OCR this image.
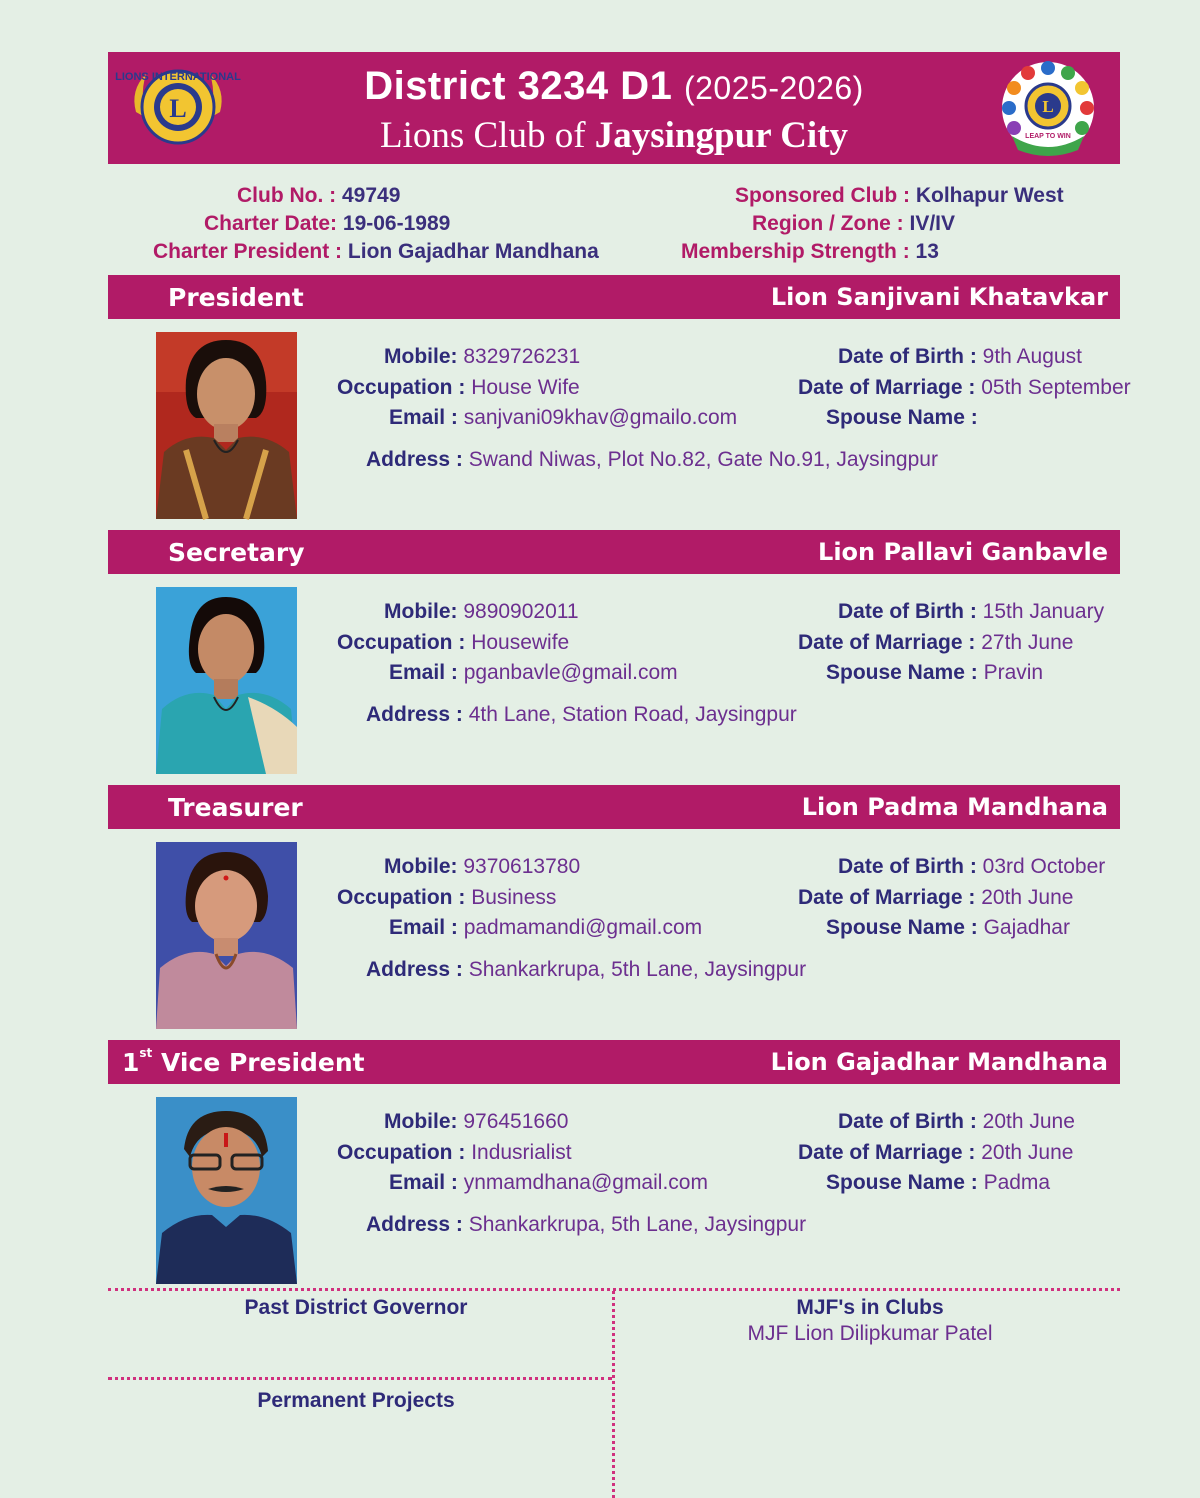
L
LIONS INTERNATIONAL	District 3234 D1 (2025-2026)
Lions Club of Jaysingpur City
L
LEAP TO WIN
Club No. : 49749
Charter Date: 19-06-1989
Charter President : Lion Gajadhar Mandhana
Sponsored Club : Kolhapur West
Region / Zone : IV/IV
Membership Strength : 13
President	Lion Sanjivani Khatavkar
Mobile: 8329726231
Occupation : House Wife
Email : sanjvani09khav@gmailo.com
Address : Swand Niwas, Plot No.82, Gate No.91, Jaysingpur
Date of Birth : 9th August
Date of Marriage : 05th September
Spouse Name :
Secretary	Lion Pallavi Ganbavle
Mobile: 9890902011
Occupation : Housewife
Email : pganbavle@gmail.com
Address : 4th Lane, Station Road, Jaysingpur
Date of Birth : 15th January
Date of Marriage : 27th June
Spouse Name : Pravin
Treasurer	Lion Padma Mandhana
Mobile: 9370613780
Occupation : Business
Email : padmamandi@gmail.com
Address : Shankarkrupa, 5th Lane, Jaysingpur
Date of Birth : 03rd October
Date of Marriage : 20th June
Spouse Name : Gajadhar
1st Vice President	Lion Gajadhar Mandhana
Mobile: 976451660
Occupation : Indusrialist
Email : ynmamdhana@gmail.com
Address : Shankarkrupa, 5th Lane, Jaysingpur
Date of Birth : 20th June
Date of Marriage : 20th June
Spouse Name : Padma
Past District Governor	MJF's in Clubs
MJF Lion Dilipkumar Patel
Permanent Projects
